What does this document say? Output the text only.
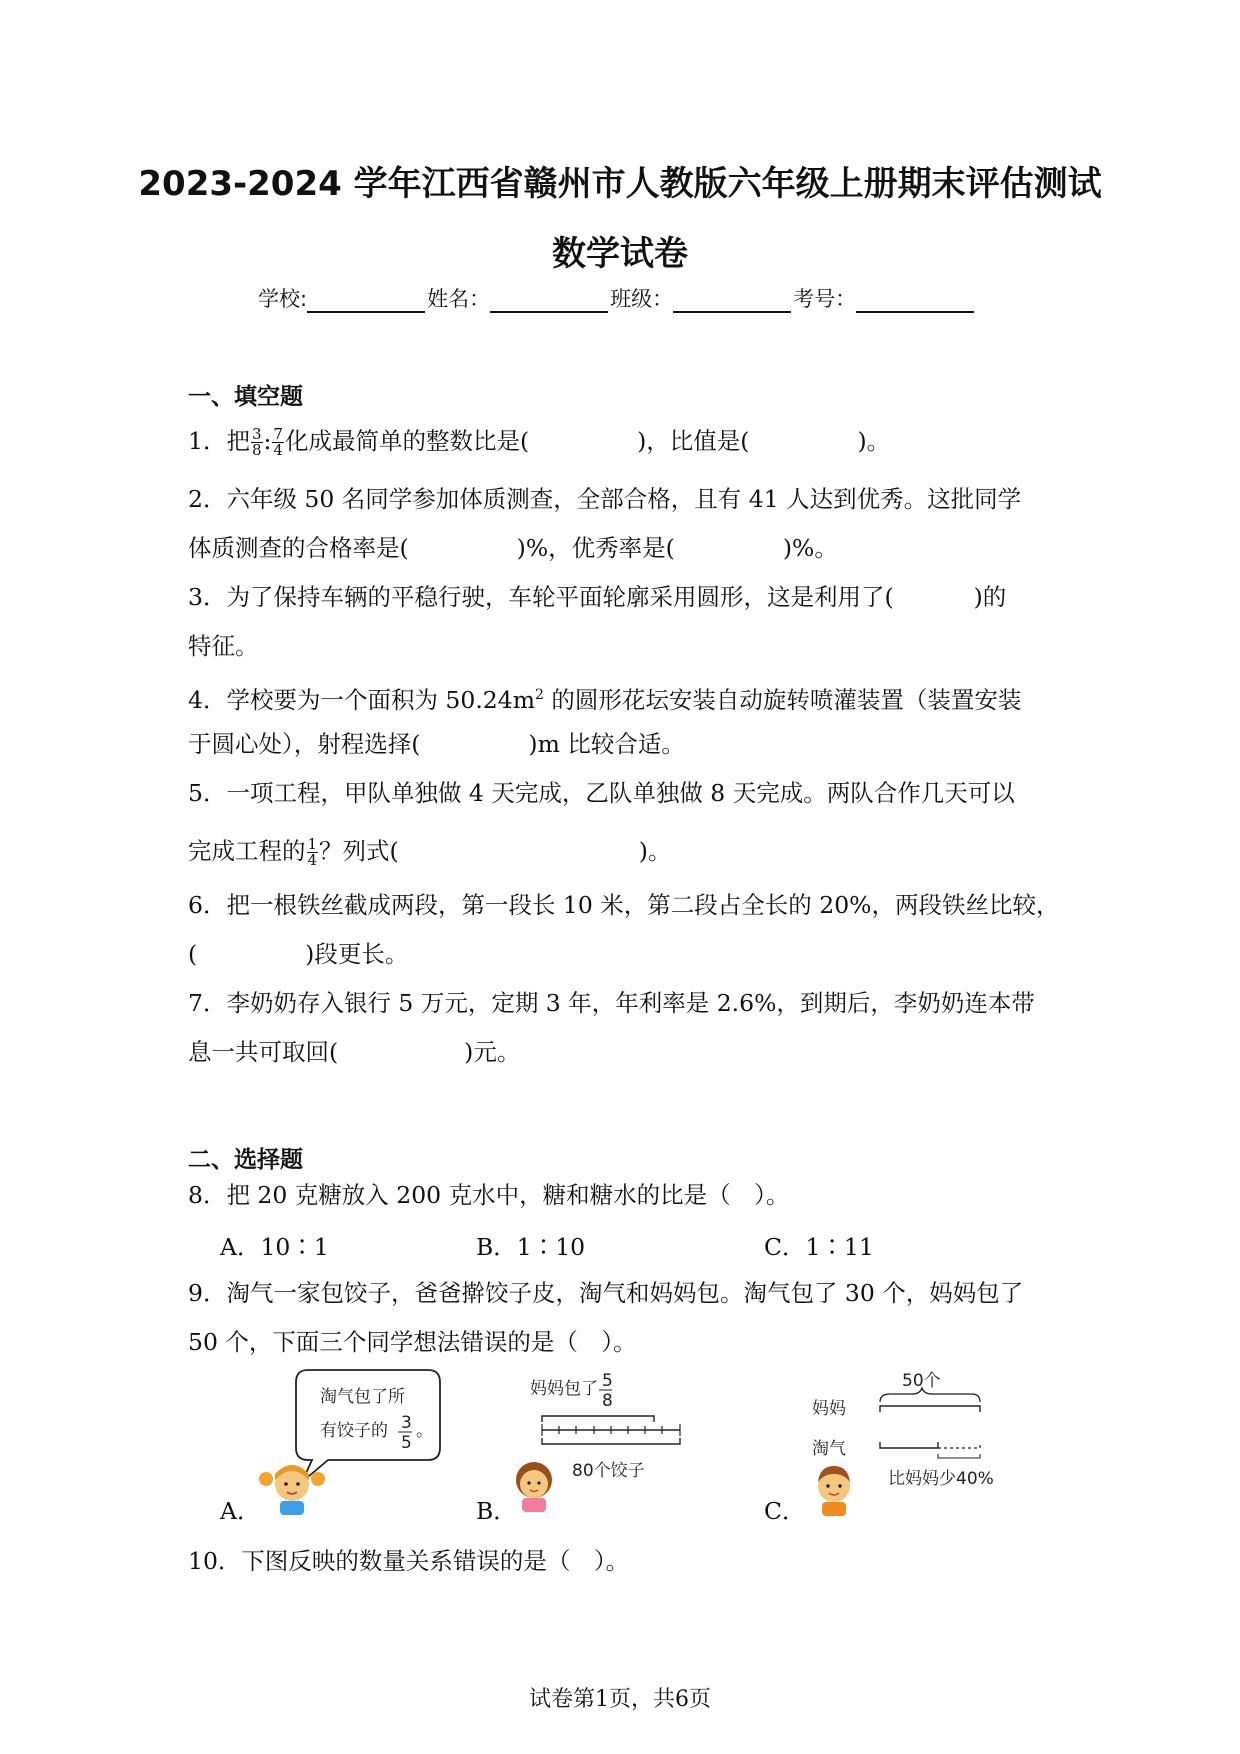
2023-2024 学年江西省赣州市人教版六年级上册期末评估测试
数学试卷
学校:	姓名：	班级：	考号：
一、填空题
1．把 $\frac{3}{8}$ : $\frac{7}{4}$ 化成最简单的整数比是(	)，比值是(	)。
2．六年级 50 名同学参加体质测查，全部合格，且有 41 人达到优秀。这批同学
体质测查的合格率是(	)%，优秀率是(	)%。
3．为了保持车辆的平稳行驶，车轮平面轮廓采用圆形，这是利用了(	)的
特征。
4．学校要为一个面积为 $50.24m^2$ 的圆形花坛安装自动旋转喷灌装置（装置安装
于圆心处），射程选择(	)m 比较合适。
5．一项工程，甲队单独做 4 天完成，乙队单独做 8 天完成。两队合作几天可以
完成工程的 $\frac{1}{4}$ ？列式(	)。
6．把一根铁丝截成两段，第一段长 10 米，第二段占全长的 20%，两段铁丝比较，
(	)段更长。
7．李奶奶存入银行 5 万元，定期 3 年，年利率是 2.6%，到期后，李奶奶连本带
息一共可取回(	)元。
二、选择题
8．把 20 克糖放入 200 克水中，糖和糖水的比是（　）。
A．10∶1	B．1∶10	C．1∶11
9．淘气一家包饺子，爸爸擀饺子皮，淘气和妈妈包。淘气包了 30 个，妈妈包了
50 个，下面三个同学想法错误的是（　）。
A．
淘气包了所
有饺子的 3
5
。
B．
妈妈包了 5
8
80个饺子
C．
50个
妈妈
淘气
比妈妈少40%
10．下图反映的数量关系错误的是（　）。
试卷第1页，共6页
